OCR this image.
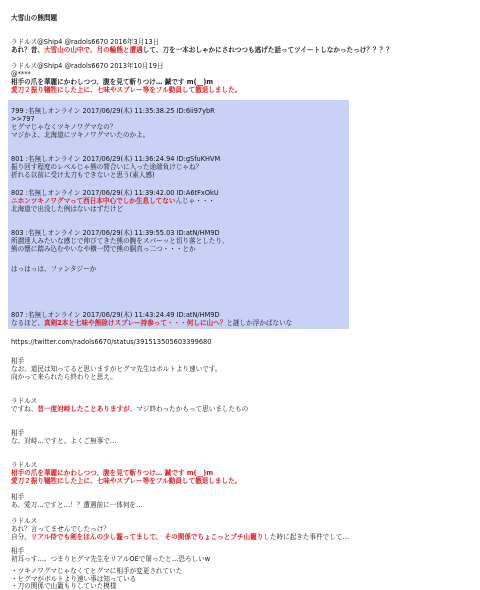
大雪山の熊問題
ラドルス@Ship4 @radols6670 2016年3月13日
あれ？昔、大雪山の山中で、月の輪熊と遭遇して、刀を一本おしゃかにされつつも逃げた話ってツイートしなかったっけ？？？？
ラドルス@Ship4 @radols6670 2013年10月19日
@****
相手の爪を華麗にかわしつつ、腹を見て斬りつけ… 鍼です m(__)m
愛刀２振り犠牲にした上に、七味やスプレー等をフル動員して撤退しました。
799 :名無しオンライン 2017/06/29(木) 11:35:38.25 ID:6ii97ybR
>>797
ヒグマじゃなくツキノワグマなの？
マジかよ、北海道にツキノワグマいたのかよ。
801 :名無しオンライン 2017/06/29(木) 11:36:24.94 ID:gSfuKHVM
振り回す程度のレベルじゃ熊の膂合いに入った途端負けじゃね？
折れる以前に受け太刀もできないと思う(素人感)
802 :名無しオンライン 2017/06/29(木) 11:39:42.00 ID:A6tFxOkU
ニホンツキノワグマって西日本中心でしか生息してないんじゃ・・・
北海道で出没した例はないはずだけど
803 :名無しオンライン 2017/06/29(木) 11:39:55.03 ID:atN/HM9D
所謂達人みたいな感じで伸びてきた熊の腕をスパーッと切り落としたり、
熊の懐に踏み込むやいなや横一閃で熊の胴真っ二つ・・・とか
はっはっは、ファンタジーか
807 :名無しオンライン 2017/06/29(木) 11:43:24.49 ID:atN/HM9D
なるほど、真剣2本と七味や熊除けスプレー持参って・・・何しに山へ？と謎しか浮かばないな
https://twitter.com/radols6670/status/391513505603399680
相手
なお、道民は知ってると思いますがヒグマ先生はボルトより速いです。
向かって来られたら終わりと思え。
ラドルス
ですね、昔一度対峙したことありますが、マジ終わったかもって思いましたもの
相手
な、対峙…ですと。よくご無事で…
ラドルス
相手の爪を華麗にかわしつつ、腹を見て斬りつけ… 鍼です m(__)m
愛刀２振り犠牲にした上に、七味やスプレー等をフル動員して撤退しました。
相手
あ、愛刀…ですと…！？遭遇前に一体何を…
ラドルス
あれ？言ってませんでしたっけ？
自分、リアル侍でも剣をほんの少し齧ってまして、 その関係でちょこっとプチ山籠りした時に起きた事件でして…
相手
初耳っす…。つまりヒグマ先生をリアルOEで屠ったと…恐ろしいw
・ツキノワグマじゃなくてヒグマに相手が変更されていた
・ヒグマがボルトより速い事は知っている
・刀の関係で山籠もりしていた模様
